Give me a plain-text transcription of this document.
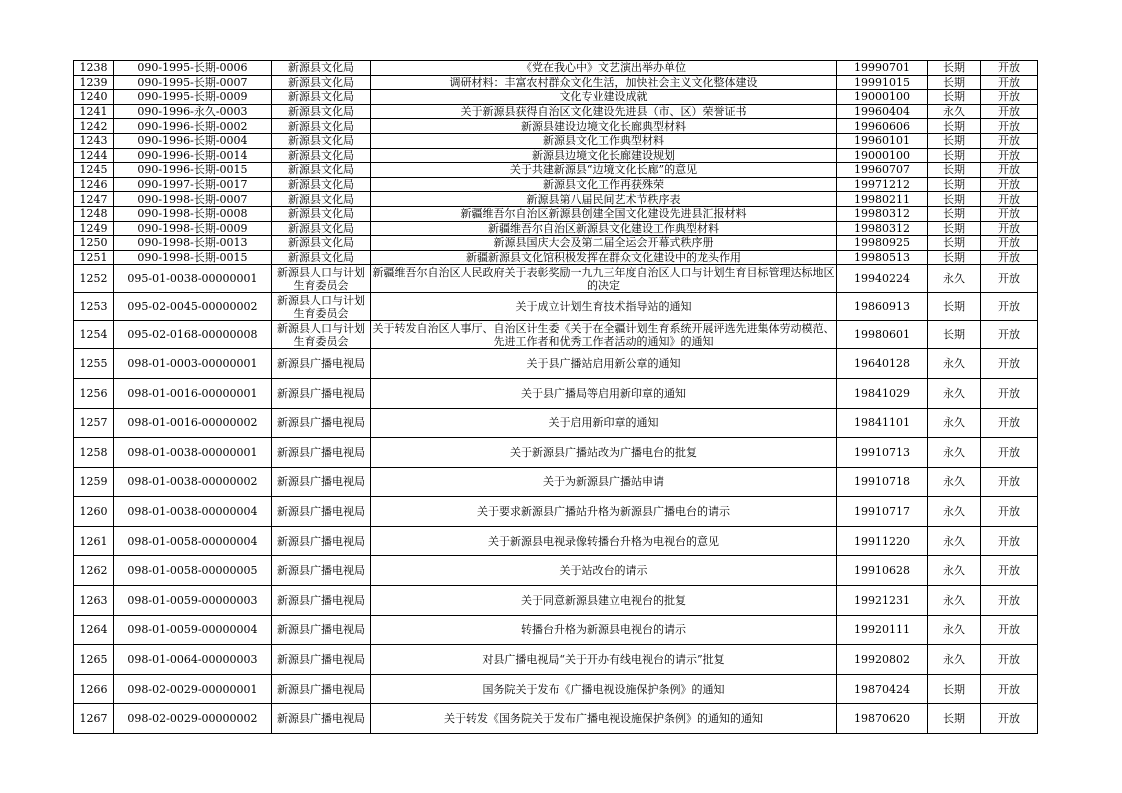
1238	090-1995-长期-0006	新源县文化局	《党在我心中》文艺演出举办单位	19990701	长期	开放
1239	090-1995-长期-0007	新源县文化局	调研材料：丰富农村群众文化生活，加快社会主义文化整体建设	19991015	长期	开放
1240	090-1995-长期-0009	新源县文化局	文化专业建设成就	19000100	长期	开放
1241	090-1996-永久-0003	新源县文化局	关于新源县获得自治区文化建设先进县（市、区）荣誉证书	19960404	永久	开放
1242	090-1996-长期-0002	新源县文化局	新源县建设边境文化长廊典型材料	19960606	长期	开放
1243	090-1996-长期-0004	新源县文化局	新源县文化工作典型材料	19960101	长期	开放
1244	090-1996-长期-0014	新源县文化局	新源县边境文化长廊建设规划	19000100	长期	开放
1245	090-1996-长期-0015	新源县文化局	关于共建新源县“边境文化长廊”的意见	19960707	长期	开放
1246	090-1997-长期-0017	新源县文化局	新源县文化工作再获殊荣	19971212	长期	开放
1247	090-1998-长期-0007	新源县文化局	新源县第八届民间艺术节秩序表	19980211	长期	开放
1248	090-1998-长期-0008	新源县文化局	新疆维吾尔自治区新源县创建全国文化建设先进县汇报材料	19980312	长期	开放
1249	090-1998-长期-0009	新源县文化局	新疆维吾尔自治区新源县文化建设工作典型材料	19980312	长期	开放
1250	090-1998-长期-0013	新源县文化局	新源县国庆大会及第二届全运会开幕式秩序册	19980925	长期	开放
1251	090-1998-长期-0015	新源县文化局	新疆新源县文化馆积极发挥在群众文化建设中的龙头作用	19980513	长期	开放
1252	095-01-0038-00000001	新源县人口与计划生育委员会	新疆维吾尔自治区人民政府关于表彰奖励一九九三年度自治区人口与计划生育目标管理达标地区的决定	19940224	永久	开放
1253	095-02-0045-00000002	新源县人口与计划生育委员会	关于成立计划生育技术指导站的通知	19860913	长期	开放
1254	095-02-0168-00000008	新源县人口与计划生育委员会	关于转发自治区人事厅、自治区计生委《关于在全疆计划生育系统开展评选先进集体劳动模范、先进工作者和优秀工作者活动的通知》的通知	19980601	长期	开放
1255	098-01-0003-00000001	新源县广播电视局	关于县广播站启用新公章的通知	19640128	永久	开放
1256	098-01-0016-00000001	新源县广播电视局	关于县广播局等启用新印章的通知	19841029	永久	开放
1257	098-01-0016-00000002	新源县广播电视局	关于启用新印章的通知	19841101	永久	开放
1258	098-01-0038-00000001	新源县广播电视局	关于新源县广播站改为广播电台的批复	19910713	永久	开放
1259	098-01-0038-00000002	新源县广播电视局	关于为新源县广播站申请	19910718	永久	开放
1260	098-01-0038-00000004	新源县广播电视局	关于要求新源县广播站升格为新源县广播电台的请示	19910717	永久	开放
1261	098-01-0058-00000004	新源县广播电视局	关于新源县电视录像转播台升格为电视台的意见	19911220	永久	开放
1262	098-01-0058-00000005	新源县广播电视局	关于站改台的请示	19910628	永久	开放
1263	098-01-0059-00000003	新源县广播电视局	关于同意新源县建立电视台的批复	19921231	永久	开放
1264	098-01-0059-00000004	新源县广播电视局	转播台升格为新源县电视台的请示	19920111	永久	开放
1265	098-01-0064-00000003	新源县广播电视局	对县广播电视局“关于开办有线电视台的请示”批复	19920802	永久	开放
1266	098-02-0029-00000001	新源县广播电视局	国务院关于发布《广播电视设施保护条例》的通知	19870424	长期	开放
1267	098-02-0029-00000002	新源县广播电视局	关于转发《国务院关于发布广播电视设施保护条例》的通知的通知	19870620	长期	开放
